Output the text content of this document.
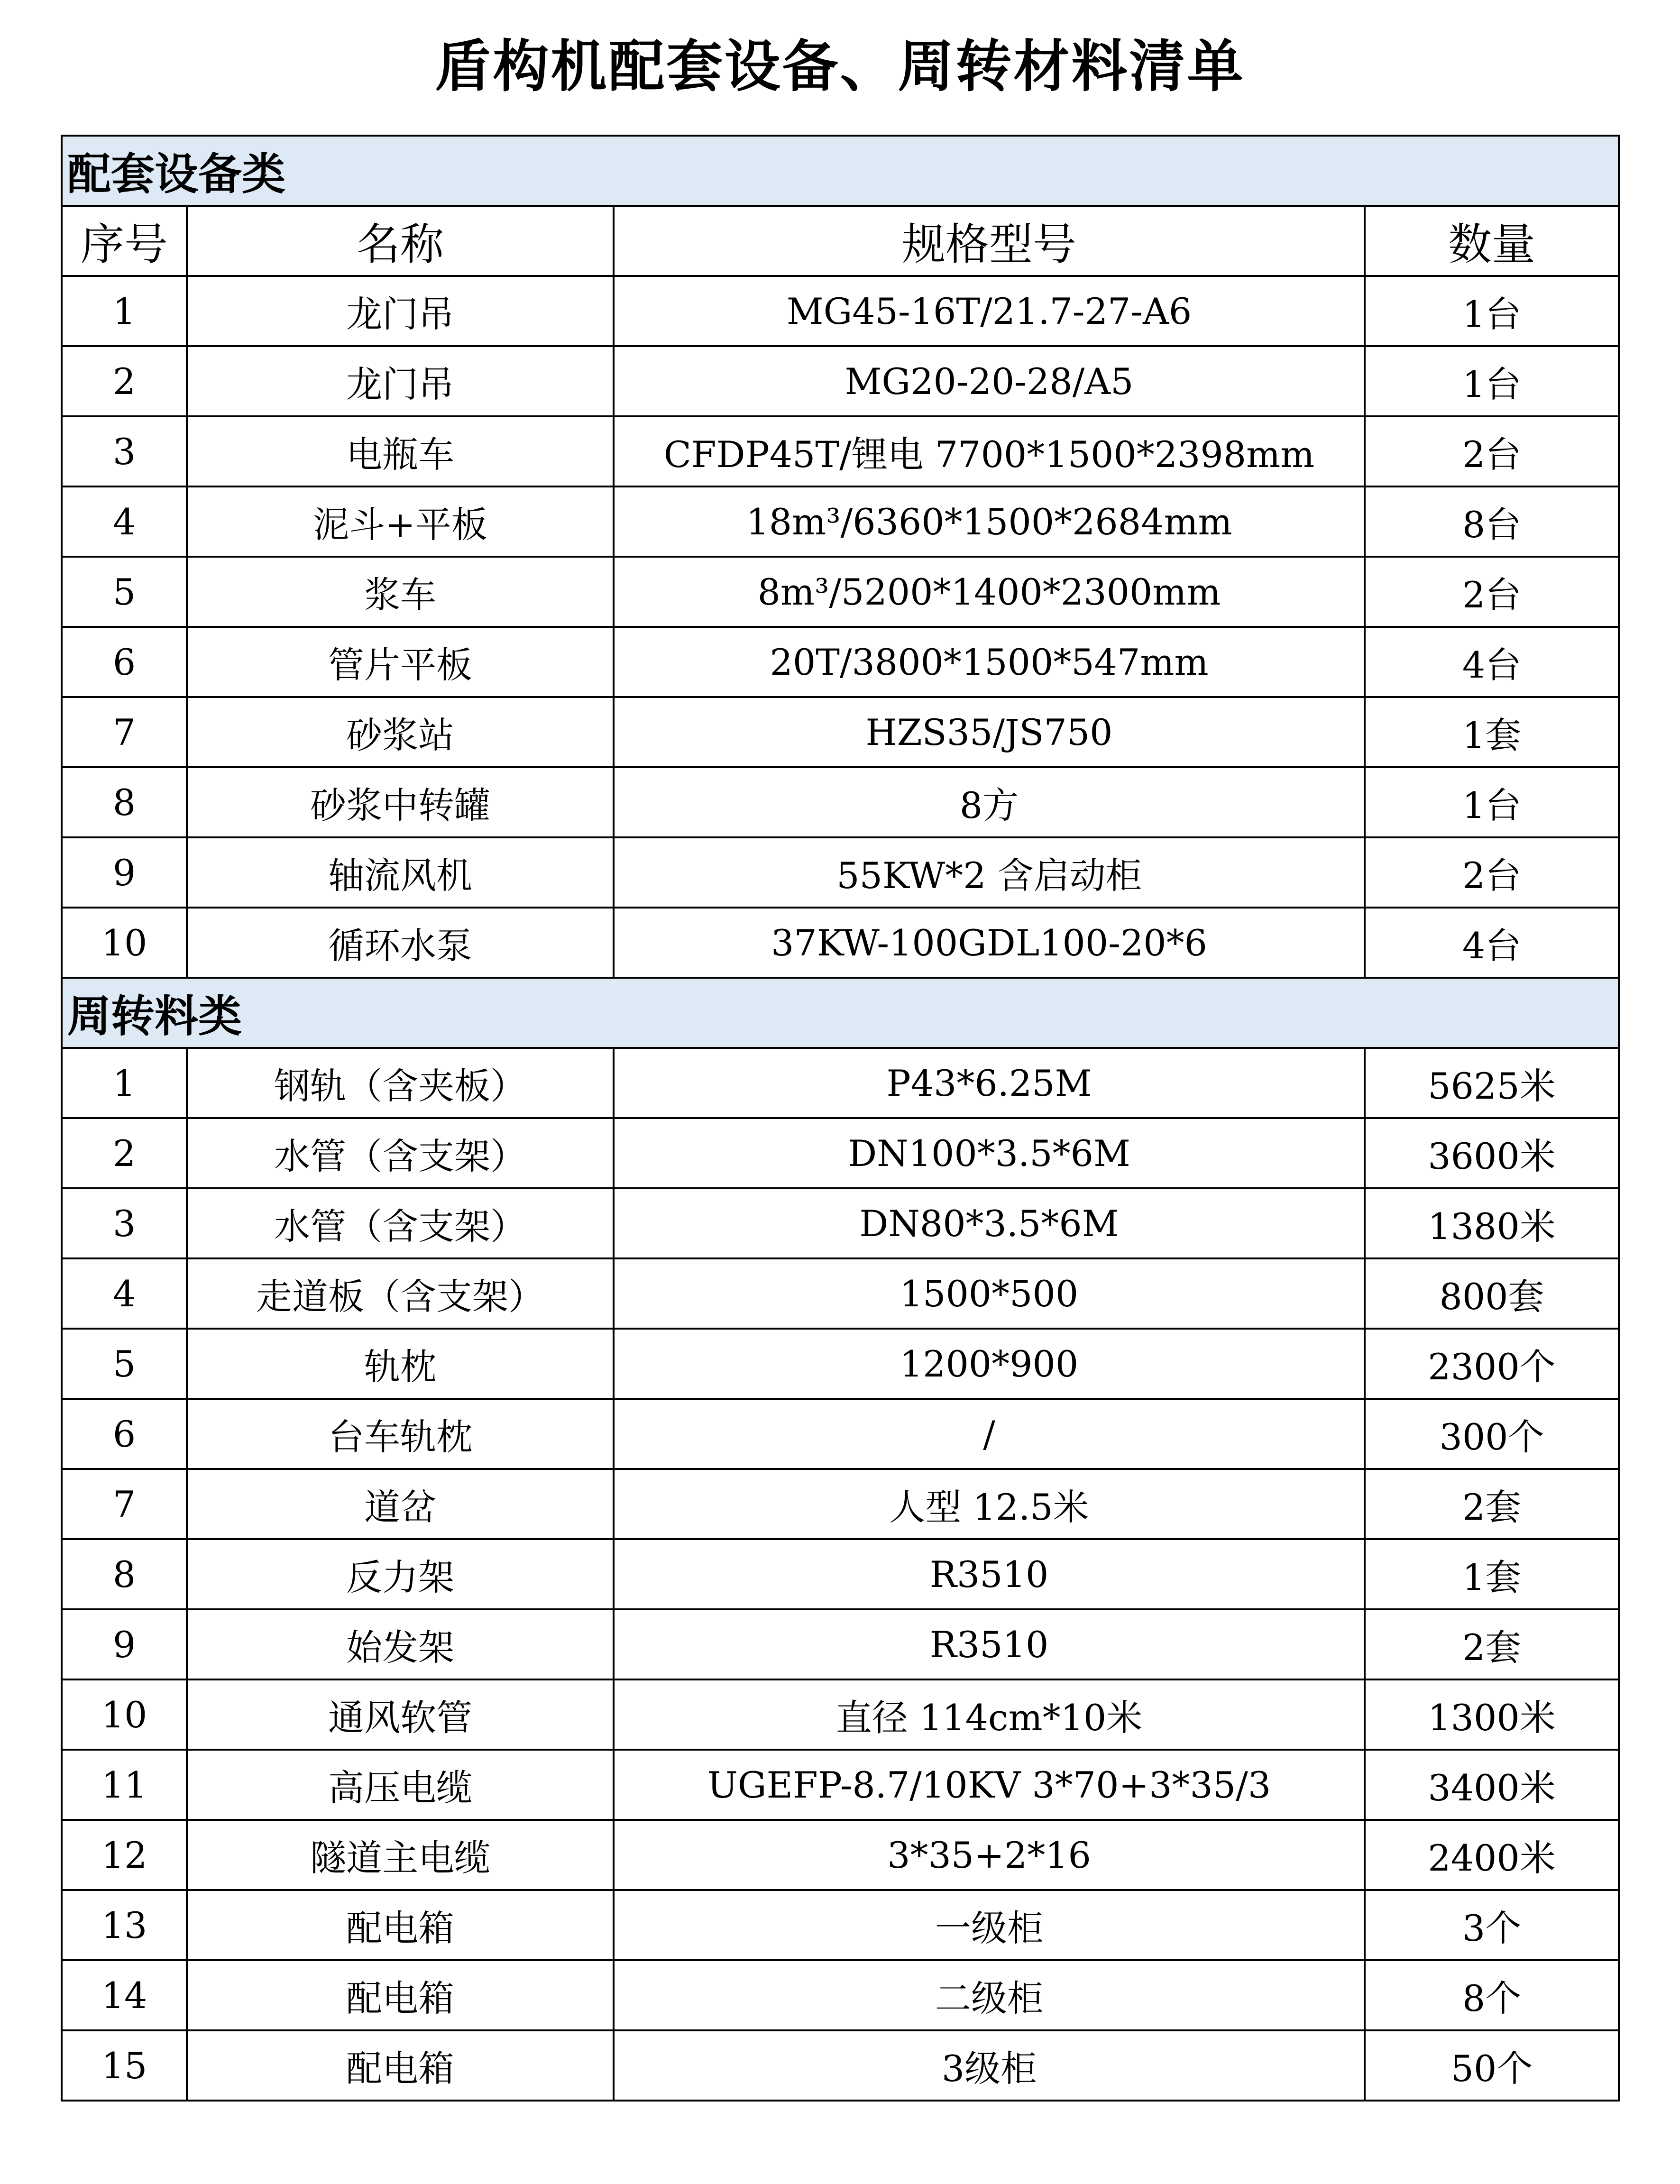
盾构机配套设备、周转材料清单
配套设备类			
序号	名称	规格型号	数量
1	龙门吊	MG45-16T/21.7-27-A6	1台
2	龙门吊	MG20-20-28/A5	1台
3	电瓶车	CFDP45T/锂电 7700*1500*2398mm	2台
4	泥斗+平板	18m³/6360*1500*2684mm	8台
5	浆车	8m³/5200*1400*2300mm	2台
6	管片平板	20T/3800*1500*547mm	4台
7	砂浆站	HZS35/JS750	1套
8	砂浆中转罐	8方	1台
9	轴流风机	55KW*2 含启动柜	2台
10	循环水泵	37KW-100GDL100-20*6	4台
周转料类			
1	钢轨（含夹板）	P43*6.25M	5625米
2	水管（含支架）	DN100*3.5*6M	3600米
3	水管（含支架）	DN80*3.5*6M	1380米
4	走道板（含支架）	1500*500	800套
5	轨枕	1200*900	2300个
6	台车轨枕	/	300个
7	道岔	人型 12.5米	2套
8	反力架	R3510	1套
9	始发架	R3510	2套
10	通风软管	直径 114cm*10米	1300米
11	高压电缆	UGEFP-8.7/10KV 3*70+3*35/3	3400米
12	隧道主电缆	3*35+2*16	2400米
13	配电箱	一级柜	3个
14	配电箱	二级柜	8个
15	配电箱	3级柜	50个
